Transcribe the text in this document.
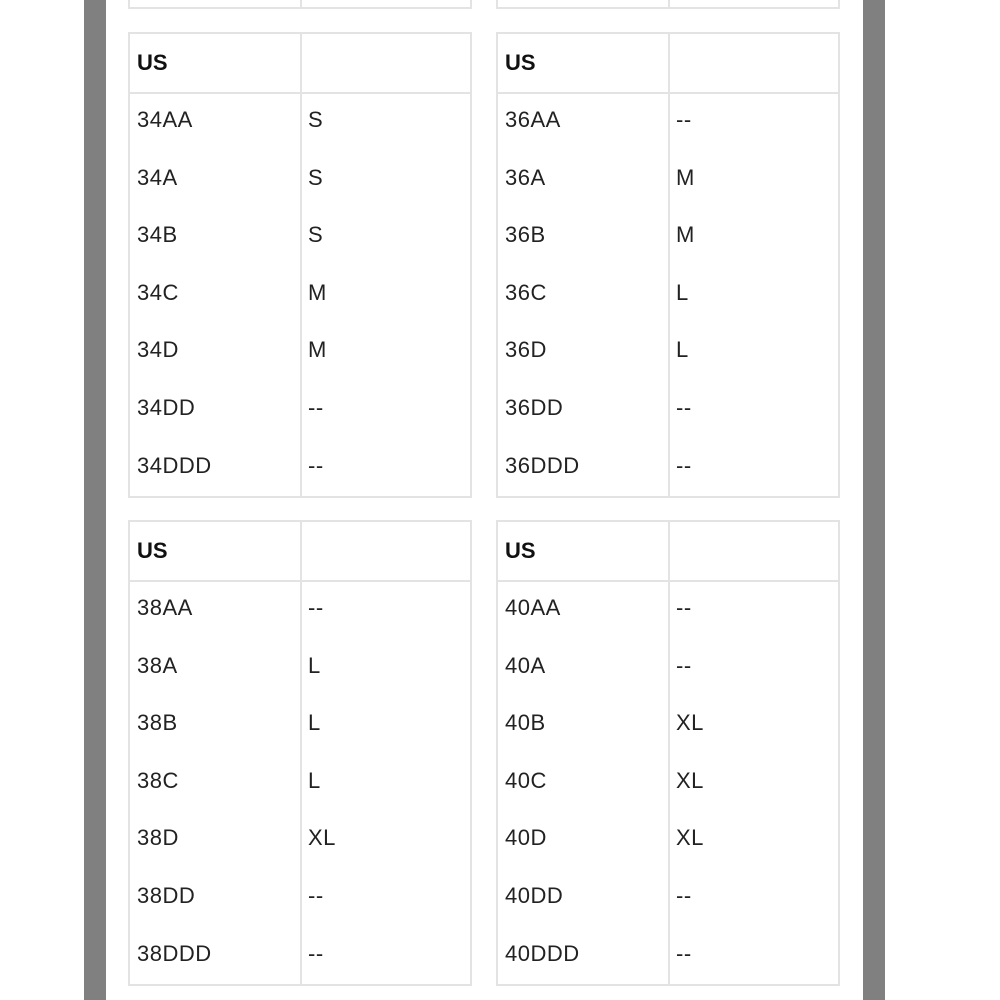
US
34AA	S
34A	S
34B	S
34C	M
34D	M
34DD	--
34DDD	--
US
36AA	--
36A	M
36B	M
36C	L
36D	L
36DD	--
36DDD	--
US
38AA	--
38A	L
38B	L
38C	L
38D	XL
38DD	--
38DDD	--
US
40AA	--
40A	--
40B	XL
40C	XL
40D	XL
40DD	--
40DDD	--
